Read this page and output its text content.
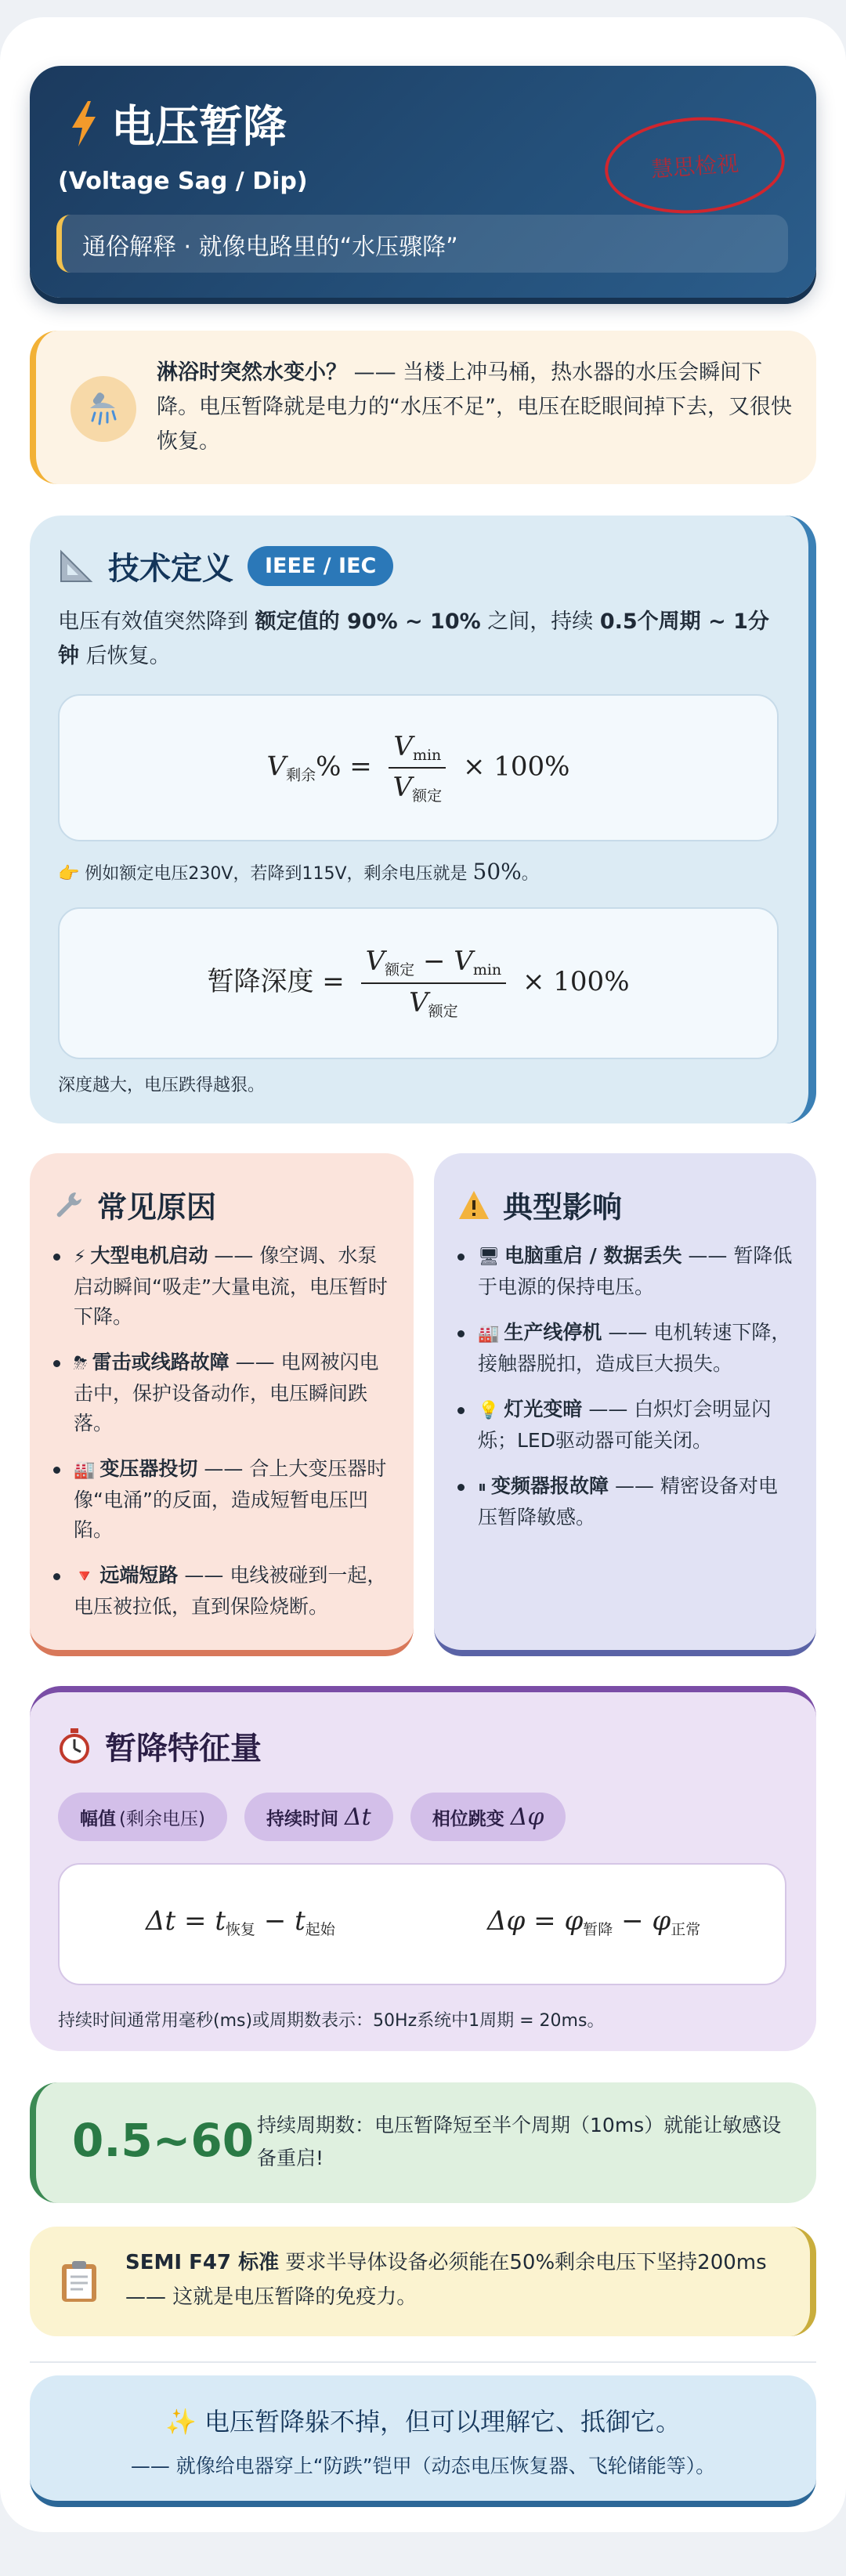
电压暂降
(Voltage Sag / Dip)
通俗解释 · 就像电路里的“水压骤降”
慧思检视
淋浴时突然水变小？ —— 当楼上冲马桶，热水器的水压会瞬间下降。电压暂降就是电力的“水压不足”，电压在眨眼间掉下去，又很快恢复。
技术定义	IEEE / IEC
电压有效值突然降到 额定值的 90% ~ 10% 之间，持续 0.5个周期 ~ 1分钟 后恢复。
$V_{剩余}\% = \frac{V_{min}}{V_{额定}} \times 100\%$
👉 例如额定电压230V，若降到115V，剩余电压就是 50%。
暂降深度 = $\frac{V_{额定} - V_{min}}{V_{额定}} \times 100\%$
深度越大，电压跌得越狠。
常见原因
⚡ 大型电机启动 —— 像空调、水泵启动瞬间“吸走”大量电流，电压暂时下降。
⛈ 雷击或线路故障 —— 电网被闪电击中，保护设备动作，电压瞬间跌落。
🏭 变压器投切 —— 合上大变压器时像“电涌”的反面，造成短暂电压凹陷。
🔻 远端短路 —— 电线被碰到一起，电压被拉低，直到保险烧断。
典型影响
🖥 电脑重启 / 数据丢失 —— 暂降低于电源的保持电压。
🏭 生产线停机 —— 电机转速下降，接触器脱扣，造成巨大损失。
💡 灯光变暗 —— 白炽灯会明显闪烁；LED驱动器可能关闭。
⏸ 变频器报故障 —— 精密设备对电压暂降敏感。
暂降特征量
幅值 (剩余电压)	持续时间
Δt	相位跳变
Δφ
$\Delta t = t_{恢复} - t_{起始}$	$\Delta\varphi = \varphi_{暂降} - \varphi_{正常}$
持续时间通常用毫秒(ms)或周期数表示：50Hz系统中1周期 = 20ms。
0.5~60 持续周期数：电压暂降短至半个周期（10ms）就能让敏感设备重启!
SEMI F47 标准 要求半导体设备必须能在50%剩余电压下坚持200ms —— 这就是电压暂降的免疫力。
✨ 电压暂降躲不掉，但可以理解它、抵御它。
—— 就像给电器穿上“防跌”铠甲（动态电压恢复器、飞轮储能等）。
